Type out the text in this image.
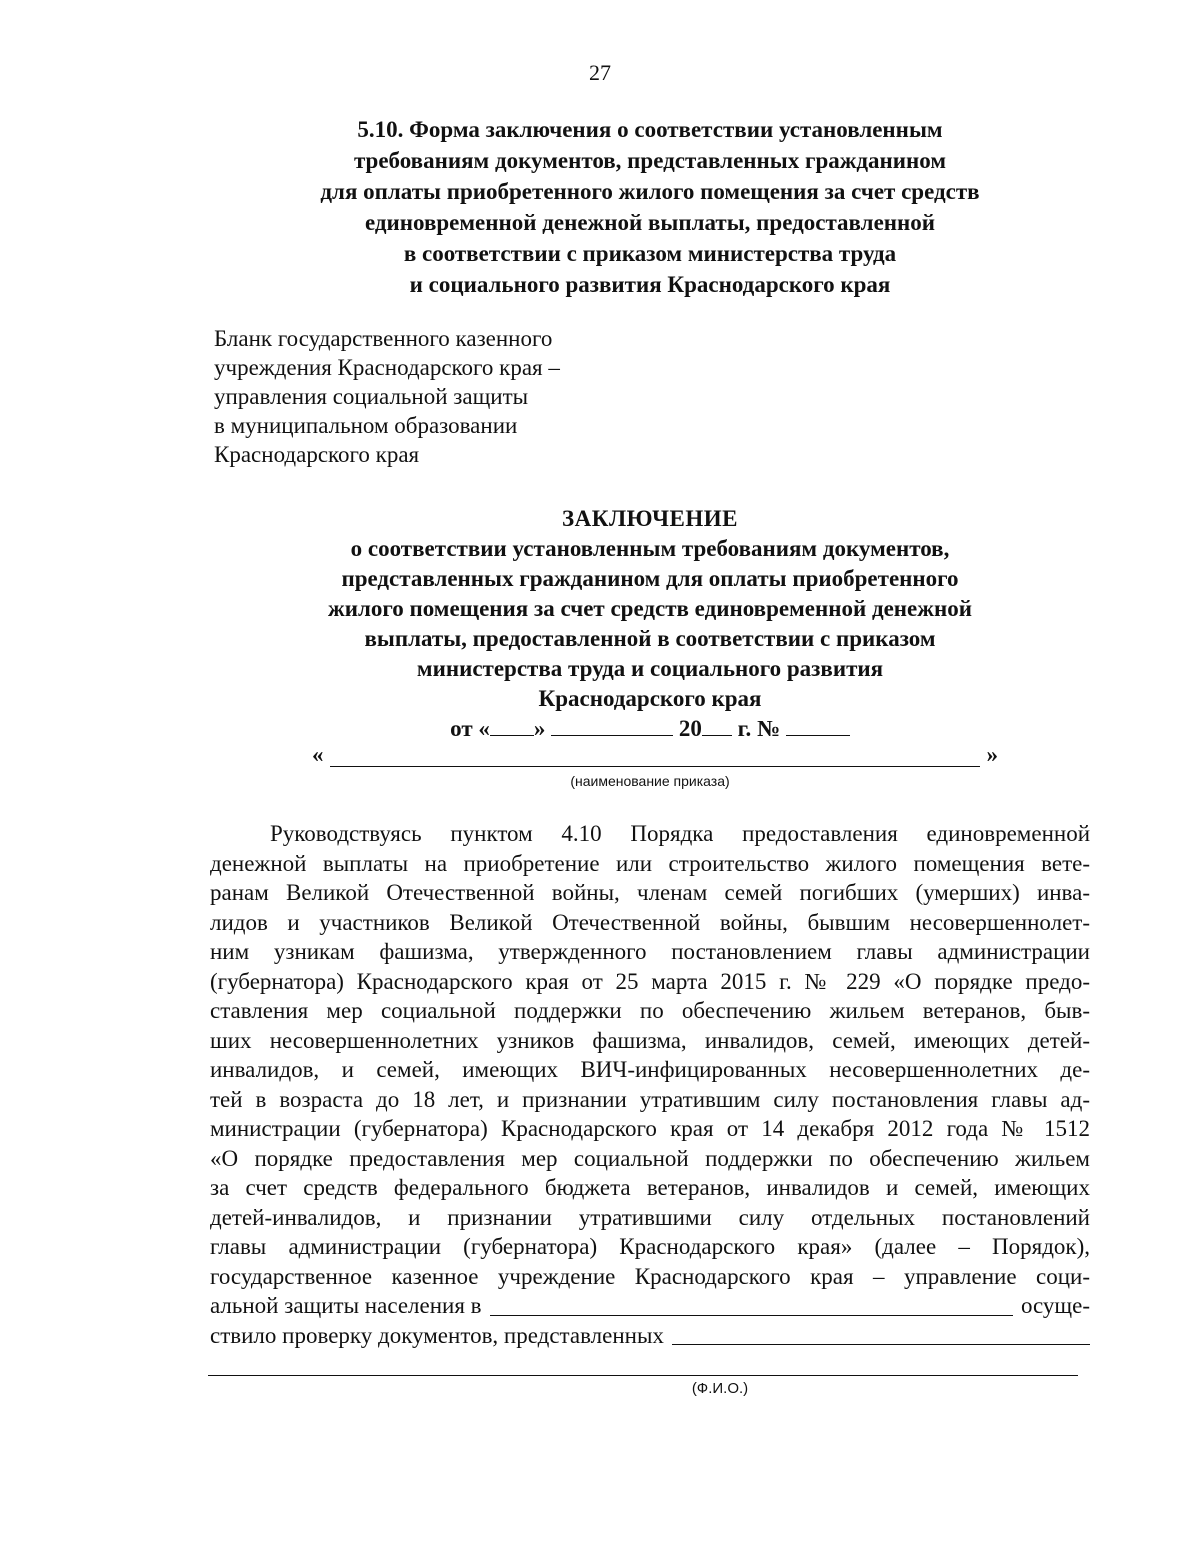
27
5.10. Форма заключения о соответствии установленным
требованиям документов, представленных гражданином
для оплаты приобретенного жилого помещения за счет средств
единовременной денежной выплаты, предоставленной
в соответствии с приказом министерства труда
и социального развития Краснодарского края
Бланк государственного казенного
учреждения Краснодарского края –
управления социальной защиты
в муниципальном образовании
Краснодарского края
ЗАКЛЮЧЕНИЕ
о соответствии установленным требованиям документов,
представленных гражданином для оплаты приобретенного
жилого помещения за счет средств единовременной денежной
выплаты, предоставленной в соответствии с приказом
министерства труда и социального развития
Краснодарского края
от « »	20 г. №
«	»
(наименование приказа)
Руководствуясь пунктом 4.10 Порядка предоставления единовременной
денежной выплаты на приобретение или строительство жилого помещения вете-
ранам Великой Отечественной войны, членам семей погибших (умерших) инва-
лидов и участников Великой Отечественной войны, бывшим несовершеннолет-
ним узникам фашизма, утвержденного постановлением главы администрации
(губернатора) Краснодарского края от 25 марта 2015 г. № 229 «О порядке предо-
ставления мер социальной поддержки по обеспечению жильем ветеранов, быв-
ших несовершеннолетних узников фашизма, инвалидов, семей, имеющих детей-
инвалидов, и семей, имеющих ВИЧ-инфицированных несовершеннолетних де-
тей в возраста до 18 лет, и признании утратившим силу постановления главы ад-
министрации (губернатора) Краснодарского края от 14 декабря 2012 года № 1512
«О порядке предоставления мер социальной поддержки по обеспечению жильем
за счет средств федерального бюджета ветеранов, инвалидов и семей, имеющих
детей-инвалидов, и признании утратившими силу отдельных постановлений
главы администрации (губернатора) Краснодарского края» (далее – Порядок),
государственное казенное учреждение Краснодарского края – управление соци-
альной защиты населения в	осуще-
ствило проверку документов, представленных
(Ф.И.О.)
